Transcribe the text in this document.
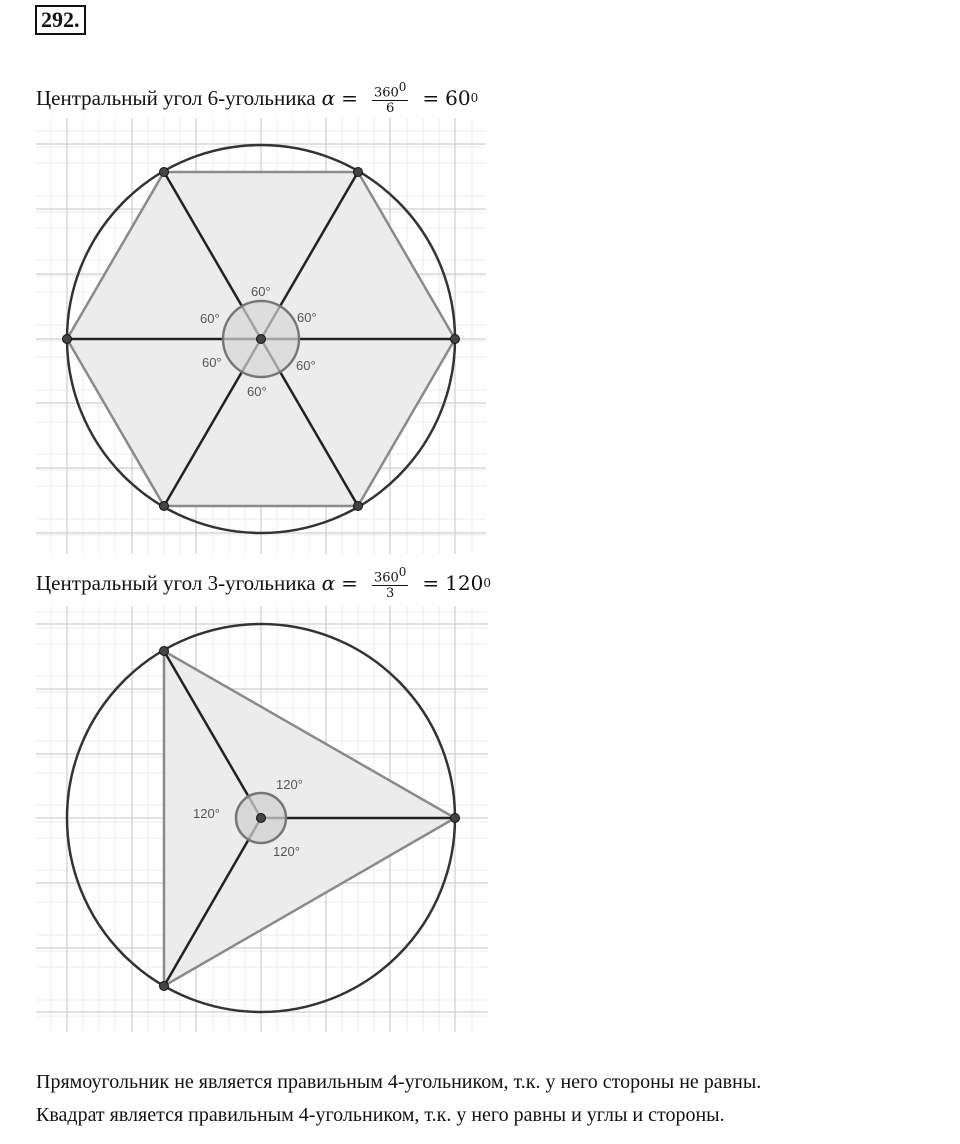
292.
Центральный угол 6-угольника $\alpha = \frac{360^0}{6} = 60$ 0
60°
60°
60°
60°	60°
60°
Центральный угол 3-угольника $\alpha = \frac{360^0}{3} = 120$ 0
120°
120°
120°
Прямоугольник не является правильным 4-угольником, т.к. у него стороны не равны.
Квадрат является правильным 4-угольником, т.к. у него равны и углы и стороны.
